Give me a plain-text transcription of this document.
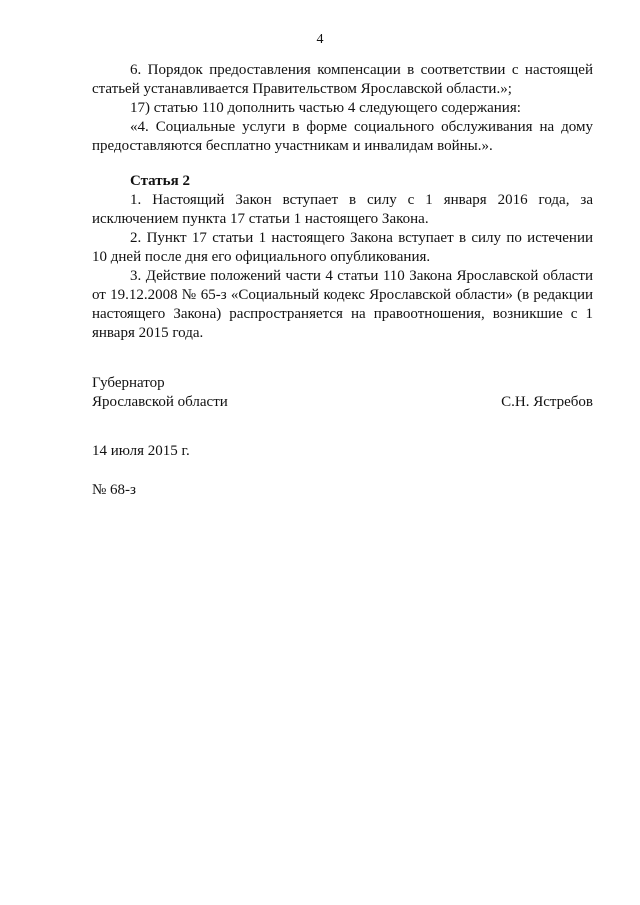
4

6. Порядок предоставления компенсации в соответствии с настоящей статьей устанавливается Правительством Ярославской области.»;

17) статью 110 дополнить частью 4 следующего содержания:

«4. Социальные услуги в форме социального обслуживания на дому предоставляются бесплатно участникам и инвалидам войны.».

Статья 2

1. Настоящий Закон вступает в силу с 1 января 2016 года, за исключением пункта 17 статьи 1 настоящего Закона.

2. Пункт 17 статьи 1 настоящего Закона вступает в силу по истечении 10 дней после дня его официального опубликования.

3. Действие положений части 4 статьи 110 Закона Ярославской области от 19.12.2008 № 65-з «Социальный кодекс Ярославской области» (в редакции настоящего Закона) распространяется на правоотношения, возникшие с 1 января 2015 года.

Губернатор
Ярославской области	С.Н. Ястребов
14 июля 2015 г.
№ 68-з
